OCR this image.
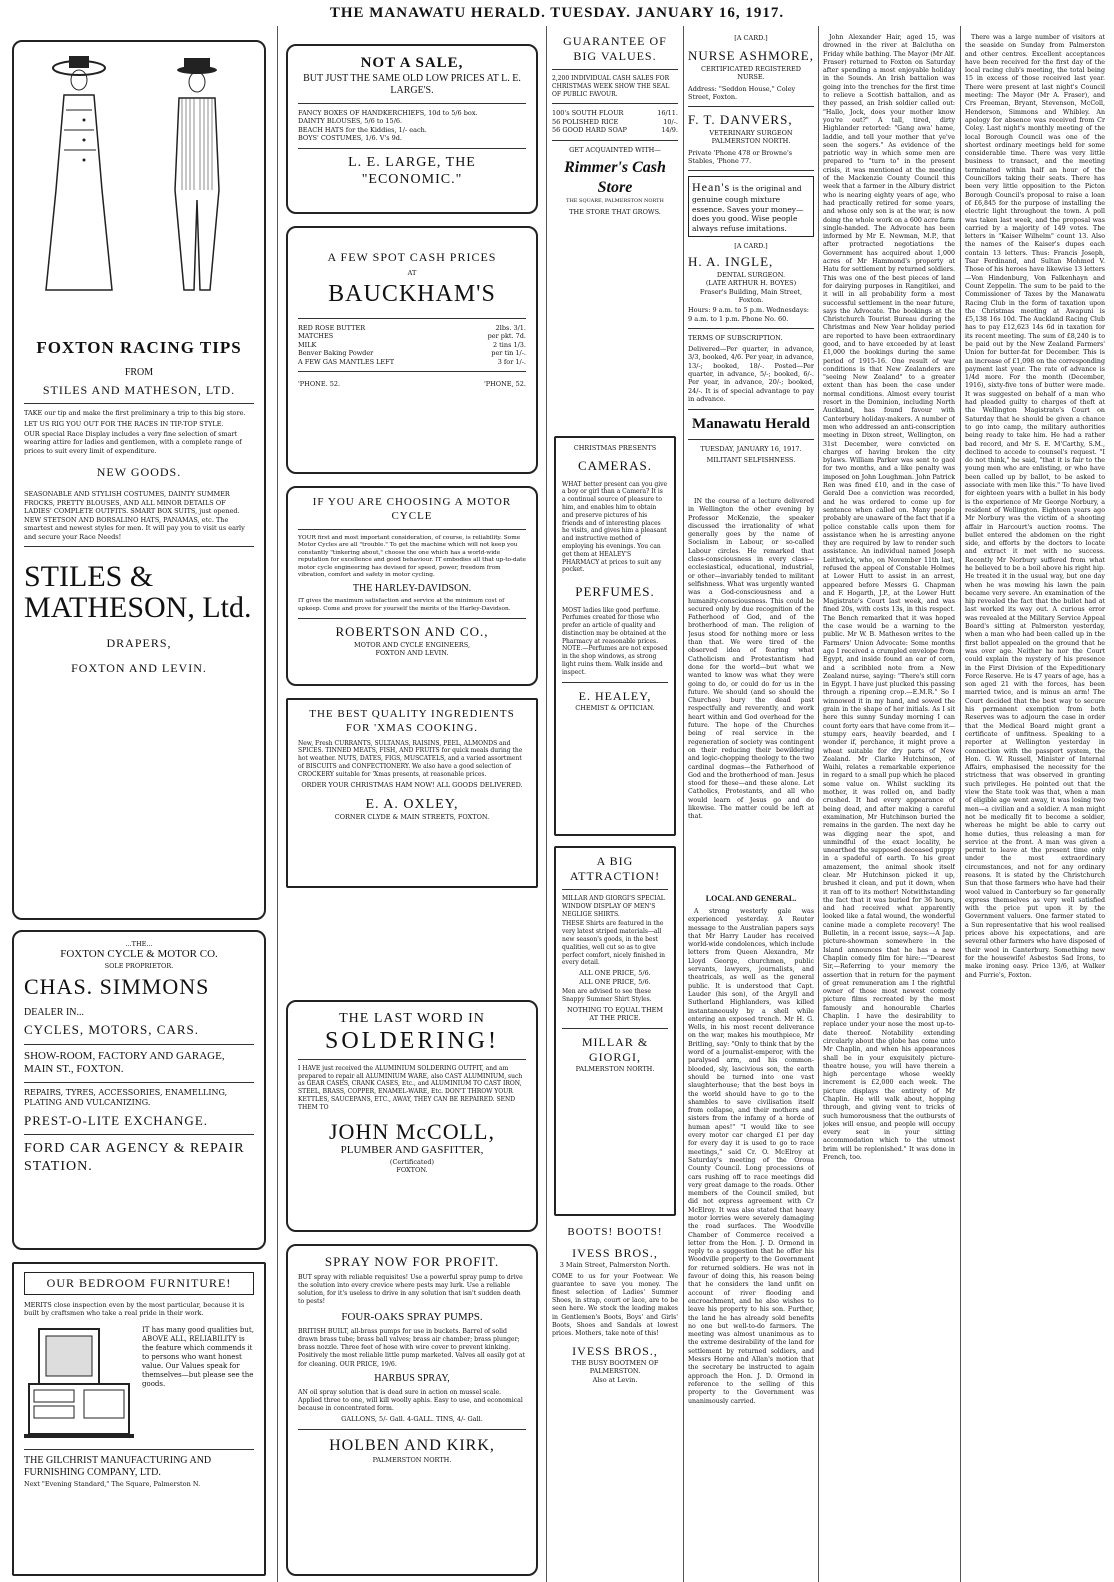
THE MANAWATU HERALD. TUESDAY. JANUARY 16, 1917.
FOXTON RACING TIPS
FROM
STILES AND MATHESON, LTD.

TAKE our tip and make the first preliminary a trip to this big store.

LET US RIG YOU OUT FOR THE RACES IN TIP-TOP STYLE.

OUR special Race Display includes a very fine selection of smart wearing attire for ladies and gentlemen, with a complete range of prices to suit every limit of expenditure.

NEW GOODS.

SEASONABLE AND STYLISH COSTUMES, DAINTY SUMMER FROCKS, PRETTY BLOUSES, AND ALL MINOR DETAILS OF LADIES' COMPLETE OUTFITS. SMART BOX SUITS, just opened. NEW STETSON AND BORSALINO HATS, PANAMAS, etc. The smartest and newest styles for men. It will pay you to visit us early and secure your Race Needs!

STILES & MATHESON, Ltd.
DRAPERS,
FOXTON AND LEVIN.
...THE...
FOXTON CYCLE & MOTOR CO.
SOLE PROPRIETOR.
CHAS. SIMMONS
DEALER IN...
CYCLES, MOTORS, CARS.
SHOW-ROOM, FACTORY AND GARAGE, MAIN ST., FOXTON.
REPAIRS, TYRES, ACCESSORIES, ENAMELLING, PLATING AND VULCANIZING.
PREST-O-LITE EXCHANGE.
FORD CAR AGENCY & REPAIR STATION.
OUR BEDROOM FURNITURE!

MERITS close inspection even by the most particular, because it is built by craftsmen who take a real pride in their work.

IT has many good qualities but, ABOVE ALL, RELIABILITY is the feature which commends it to persons who want honest value. Our Values speak for themselves—but please see the goods.

THE GILCHRIST MANUFACTURING AND FURNISHING COMPANY, LTD.
Next "Evening Standard," The Square, Palmerston N.
NOT A SALE,
BUT JUST THE SAME OLD LOW PRICES AT L. E. LARGE'S.
FANCY BOXES OF HANDKERCHIEFS, 10d to 5/6 box.
DAINTY BLOUSES, 5/6 to 15/6.
BEACH HATS for the Kiddies, 1/- each.
BOYS' COSTUMES, 1/6. V's 9d.
L. E. LARGE, THE "ECONOMIC."
A FEW SPOT CASH PRICES
AT
BAUCKHAM'S
RED ROSE BUTTER	2lbs. 3/1.
MATCHES	per pkt. 7d.
MILK	2 tins 1/3.
Benver Baking Powder	per tin 1/-.
A FEW GAS MANTLES LEFT	3 for 1/-.
'PHONE. 52.	'PHONE, 52.
IF YOU ARE CHOOSING A MOTOR CYCLE

YOUR first and most important consideration, of course, is reliability. Some Motor Cycles are all "trouble." To get the machine which will not keep you constantly "tinkering about," choose the one which has a world-wide reputation for excellence and good behaviour. IT embodies all that up-to-date motor cycle engineering has devised for speed, power, freedom from vibration, comfort and safety in motor cycling.

THE HARLEY-DAVIDSON.

IT gives the maximum satisfaction and service at the minimum cost of upkeep. Come and prove for yourself the merits of the Harley-Davidson.

ROBERTSON AND CO.,
MOTOR AND CYCLE ENGINEERS,
FOXTON AND LEVIN.
THE BEST QUALITY INGREDIENTS FOR 'XMAS COOKING.

New, Fresh CURRANTS, SULTANAS, RAISINS, PEEL, ALMONDS and SPICES. TINNED MEATS, FISH, AND FRUITS for quick meals during the hot weather. NUTS, DATES, FIGS, MUSCATELS, and a varied assortment of BISCUITS and CONFECTIONERY. We also have a good selection of CROCKERY suitable for 'Xmas presents, at reasonable prices.

ORDER YOUR CHRISTMAS HAM NOW! ALL GOODS DELIVERED.
E. A. OXLEY,
CORNER CLYDE & MAIN STREETS, FOXTON.
THE LAST WORD IN
SOLDERING!

I HAVE just received the ALUMINIUM SOLDERING OUTFIT, and am prepared to repair all ALUMINIUM WARE, also CAST ALUMINIUM, such as GEAR CASES, CRANK CASES, Etc., and ALUMINIUM TO CAST IRON, STEEL, BRASS, COPPER, ENAMEL-WARE, Etc. DON'T THROW YOUR KETTLES, SAUCEPANS, ETC., AWAY, THEY CAN BE REPAIRED. SEND THEM TO

JOHN McCOLL,
PLUMBER AND GASFITTER,
(Certificated)
FOXTON.
SPRAY NOW FOR PROFIT.

BUT spray with reliable requisites! Use a powerful spray pump to drive the solution into every crevice where pests may lurk. Use a reliable solution, for it's useless to drive in any solution that isn't sudden death to pests!

FOUR-OAKS SPRAY PUMPS.

BRITISH BUILT, all-brass pumps for use in buckets. Barrel of solid drawn brass tube; brass ball valves; brass air chamber; brass plunger; brass nozzle. Three feet of hose with wire cover to prevent kinking. Positively the most reliable little pump marketed. Valves all easily got at for cleaning. OUR PRICE, 19/6.

HARBUS SPRAY,

AN oil spray solution that is dead sure in action on mussel scale. Applied three to one, will kill woolly aphis. Easy to use, and economical because in concentrated form.

GALLONS, 5/- Gall. 4-GALL. TINS, 4/- Gall.
HOLBEN AND KIRK,
PALMERSTON NORTH.
GUARANTEE OF BIG VALUES.

2,200 INDIVIDUAL CASH SALES FOR CHRISTMAS WEEK SHOW THE SEAL OF PUBLIC FAVOUR.

100's SOUTH FLOUR	16/11.
56 POLISHED RICE	10/-.
56 GOOD HARD SOAP	14/9.
GET ACQUAINTED WITH—
Rimmer's Cash Store
THE SQUARE, PALMERSTON NORTH
THE STORE THAT GROWS.
CHRISTMAS PRESENTS
CAMERAS.

WHAT better present can you give a boy or girl than a Camera? It is a continual source of pleasure to him, and enables him to obtain and preserve pictures of his friends and of interesting places he visits, and gives him a pleasant and instructive method of employing his evenings. You can get them at HEALEY'S PHARMACY at prices to suit any pocket.

PERFUMES.

MOST ladies like good perfume. Perfumes created for those who prefer an article of quality and distinction may be obtained at the Pharmacy at reasonable prices. NOTE.—Perfumes are not exposed in the shop windows, as strong light ruins them. Walk inside and inspect.

E. HEALEY,
CHEMIST & OPTICIAN.
A BIG ATTRACTION!

MILLAR AND GIORGI'S SPECIAL WINDOW DISPLAY OF MEN'S NEGLIGE SHIRTS.

THESE Shirts are featured in the very latest striped materials—all new season's goods, in the best qualities, well cut so as to give perfect comfort, nicely finished in every detail.

ALL ONE PRICE, 5/6.
ALL ONE PRICE, 5/6.

Men are advised to see these Snappy Summer Shirt Styles.

NOTHING TO EQUAL THEM AT THE PRICE.
MILLAR & GIORGI,
PALMERSTON NORTH.
BOOTS! BOOTS!
IVESS BROS.,
3 Main Street, Palmerston North.

COME to us for your Footwear. We guarantee to save you money. The finest selection of Ladies' Summer Shoes, in strap, court or lace, are to be seen here. We stock the leading makes in Gentlemen's Boots, Boys' and Girls' Boots, Shoes and Sandals at lowest prices. Mothers, take note of this!

IVESS BROS.,
THE BUSY BOOTMEN OF PALMERSTON.
Also at Levin.
[A CARD.]
NURSE ASHMORE,
CERTIFICATED REGISTERED NURSE.
Address: "Seddon House," Coley Street, Foxton.
F. T. DANVERS,
VETERINARY SURGEON
PALMERSTON NORTH.
Private 'Phone 478 or Browne's Stables, 'Phone 77.
Hean's is the original and genuine cough mixture essence. Saves your money—does you good. Wise people always refuse imitations.
[A CARD.]
H. A. INGLE,
DENTAL SURGEON.
(LATE ARTHUR H. BOYES)
Fraser's Building, Main Street, Foxton.
Hours: 9 a.m. to 5 p.m. Wednesdays: 9 a.m. to 1 p.m. Phone No. 60.
TERMS OF SUBSCRIPTION.

Delivered—Per quarter, in advance, 3/3, booked, 4/6. Per year, in advance, 13/-; booked, 18/-. Posted—Per quarter, in advance, 5/-; booked, 6/-. Per year, in advance, 20/-; booked, 24/-. It is of special advantage to pay in advance.

Manawatu Herald
TUESDAY, JANUARY 16, 1917.
MILITANT SELFISHNESS.

IN the course of a lecture delivered in Wellington the other evening by Professor McKenzie, the speaker discussed the irrationality of what generally goes by the name of Socialism in Labour, or so-called Labour circles. He remarked that class-consciousness in every class—ecclesiastical, educational, industrial, or other—invariably tended to militant selfishness. What was urgently wanted was a God-consciousness and a humanity-consciousness. This could be secured only by due recognition of the Fatherhood of God, and of the brotherhood of man. The religion of Jesus stood for nothing more or less than that. We were tired of the observed idea of fearing what Catholicism and Protestantism had done for the world—but what we wanted to know was what they were going to do, or could do for us in the future. We should (and so should the Churches) bury the dead past respectfully and reverently, and work heart within and God overhead for the future. The hope of the Churches being of real service in the regeneration of society was contingent on their reducing their bewildering and logic-chopping theology to the two cardinal dogmas—the Fatherhood of God and the brotherhood of man. Jesus stood for these—and these alone. Let Catholics, Protestants, and all who would learn of Jesus go and do likewise. The matter could be left at that.

LOCAL AND GENERAL.

A strong westerly gale was experienced yesterday. A Reuter message to the Australian papers says that Mr Harry Lauder has received world-wide condolences, which include letters from Queen Alexandra, Mr Lloyd George, churchmen, public servants, lawyers, journalists, and theatricals, as well as the general public. It is understood that Capt. Lauder (his son), of the Argyll and Sutherland Highlanders, was killed instantaneously by a shell while entering an exposed trench. Mr H. G. Wells, in his most recent deliverance on the war, makes his mouthpiece, Mr Britling, say: "Only to think that by the word of a journalist-emperor, with the paralysed arm, and his common-blooded, sly, lascivious son, the earth should be turned into one vast slaughterhouse; that the best boys in the world should have to go to the shambles to save civilisation itself from collapse, and their mothers and sisters from the infamy of a horde of human apes!" "I would like to see every motor car charged £1 per day for every day it is used to go to race meetings," said Cr. O. McElroy at Saturday's meeting of the Oroua County Council. Long processions of cars rushing off to race meetings did very great damage to the roads. Other members of the Council smiled, but did not express agreement with Cr McElroy. It was also stated that heavy motor lorries were severely damaging the road surfaces. The Woodville Chamber of Commerce received a letter from the Hon. J. D. Ormond in reply to a suggestion that he offer his Woodville property to the Government for returned soldiers. He was not in favour of doing this, his reason being that he considers the land unfit on account of river flooding and encroachment, and he also wishes to leave his property to his son. Further, the land he has already sold benefits no one but well-to-do farmers. The meeting was almost unanimous as to the extreme desirability of the land for settlement by returned soldiers, and Messrs Horne and Allan's motion that the secretary be instructed to again approach the Hon. J. D. Ormond in reference to the selling of this property to the Government was unanimously carried.

John Alexander Hair, aged 15, was drowned in the river at Balclutha on Friday while bathing. The Mayor (Mr Alf. Fraser) returned to Foxton on Saturday after spending a most enjoyable holiday in the Sounds. An Irish battalion was going into the trenches for the first time to relieve a Scottish battalion, and as they passed, an Irish soldier called out: "Hallo, Jock, does your mother know you're out?" A tall, tired, dirty Highlander retorted: "Gang awa' hame, laddie, and tell your mother that ye've seen the sogers." As evidence of the patriotic way in which some men are prepared to "turn to" in the present crisis, it was mentioned at the meeting of the Mackenzie County Council this week that a farmer in the Albury district who is nearing eighty years of age, who had practically retired for some years, and whose only son is at the war, is now doing the whole work on a 600 acre farm single-handed. The Advocate has been informed by Mr E. Newman, M.P., that after protracted negotiations the Government has acquired about 1,000 acres of Mr Hammond's property at Hatu for settlement by returned soldiers. This was one of the best pieces of land for dairying purposes in Rangitikei, and it will in all probability form a most successful settlement in the near future, says the Advocate. The bookings at the Christchurch Tourist Bureau during the Christmas and New Year holiday period are reported to have been extraordinary good, and to have exceeded by at least £1,000 the bookings during the same period of 1915-16. One result of war conditions is that New Zealanders are "seeing New Zealand" to a greater extent than has been the case under normal conditions. Almost every tourist resort in the Dominion, including North Auckland, has found favour with Canterbury holiday-makers. A number of men who addressed an anti-conscription meeting in Dixon street, Wellington, on 31st December, were convicted on charges of having broken the city bylaws. William Parker was sent to gaol for two months, and a like penalty was imposed on John Loughman. John Patrick Ren was fined £10, and in the case of Gerald Dee a conviction was recorded, and he was ordered to come up for sentence when called on. Many people probably are unaware of the fact that if a police constable calls upon them for assistance when he is arresting anyone they are required by law to render such assistance. An individual named Joseph Leithwick, who, on November 11th last, refused the appeal of Constable Holmes at Lower Hutt to assist in an arrest, appeared before Messrs G. Chapman and F. Hogarth, J.P., at the Lower Hutt Magistrate's Court last week, and was fined 20s, with costs 13s, in this respect. The Bench remarked that it was hoped the case would be a warning to the public. Mr W. B. Matheson writes to the Farmers' Union Advocate: Some months ago I received a crumpled envelope from Egypt, and inside found an ear of corn, and a scribbled note from a New Zealand nurse, saying: "There's still corn in Egypt. I have just plucked this passing through a ripening crop.—E.M.R." So I winnowed it in my hand, and sowed the grain in the shape of her initials. As I sit here this sunny Sunday morning I can count forty ears that have come from it—stumpy ears, heavily bearded, and I wonder if, perchance, it might prove a wheat suitable for dry parts of New Zealand. Mr Clarke Hutchinson, of Waihi, relates a remarkable experience in regard to a small pup which he placed some value on. Whilst suckling its mother, it was rolled on, and badly crushed. It had every appearance of being dead, and after making a careful examination, Mr Hutchinson buried the remains in the garden. The next day he was digging near the spot, and unmindful of the exact locality, he unearthed the supposed deceased puppy in a spadeful of earth. To his great amazement, the animal shook itself clear. Mr Hutchinson picked it up, brushed it clean, and put it down, when it ran off to its mother! Notwithstanding the fact that it was buried for 36 hours, and had received what apparently looked like a fatal wound, the wonderful canine made a complete recovery! The Bulletin, in a recent issue, says:—A Jap. picture-showman somewhere in the Island announces that he has a new Chaplin comedy film for hire:—"Dearest Sir,—Referring to your memory the assertion that in return for the payment of great remuneration am I the rightful owner of those most newest comedy picture films recreated by the most famously and honourable Charles Chaplin. I have the desirability to replace under your nose the most up-to-date thereof. Notability extending circularly about the globe has come unto Mr Chaplin, and when his appearances shall be in your exquisitely picture-theatre house, you will have therein a high percentage whose weekly increment is £2,000 each week. The picture displays the entirety of Mr Chaplin. He will walk about, hopping through, and giving vent to tricks of such humorousness that the outbursts of jokes will ensue, and people will occupy every seat in your sitting accommodation which to the utmost brim will be replenished." It was done in French, too.

There was a large number of visitors at the seaside on Sunday from Palmerston and other centres. Excellent acceptances have been received for the first day of the local racing club's meeting, the total being 15 in excess of those received last year. There were present at last night's Council meeting: The Mayor (Mr A. Fraser), and Crs Freeman, Bryant, Stevenson, McColl, Henderson, Simmons and Whibley. An apology for absence was received from Cr Coley. Last night's monthly meeting of the local Borough Council was one of the shortest ordinary meetings held for some considerable time. There was very little business to transact, and the meeting terminated within half an hour of the Councillors taking their seats. There has been very little opposition to the Picton Borough Council's proposal to raise a loan of £6,845 for the purpose of installing the electric light throughout the town. A poll was taken last week, and the proposal was carried by a majority of 149 votes. The letters in "Kaiser Wilhelm" count 13. Also the names of the Kaiser's dupes each contain 13 letters. Thus: Francis Joseph, Tsar Ferdinand, and Sultan Mohmed V. Those of his heroes have likewise 13 letters—Von Hindenburg, Von Falkenhayn and Count Zeppelin. The sum to be paid to the Commissioner of Taxes by the Manawatu Racing Club in the form of taxation upon the Christmas meeting at Awapuni is £5,138 16s 10d. The Auckland Racing Club has to pay £12,623 14s 6d in taxation for its recent meeting. The sum of £8,240 is to be paid out by the New Zealand Farmers' Union for butter-fat for December. This is an increase of £1,098 on the corresponding payment last year. The rate of advance is 1/4d more. For the month (December, 1916), sixty-five tons of butter were made. It was suggested on behalf of a man who had pleaded guilty to charges of theft at the Wellington Magistrate's Court on Saturday that he should be given a chance to go into camp, the military authorities being ready to take him. He had a rather bad record, and Mr S. E. M'Carthy, S.M., declined to accede to counsel's request. "I do not think," he said, "that it is fair to the young men who are enlisting, or who have been called up by ballot, to be asked to associate with men like this." To have lived for eighteen years with a bullet in his body is the experience of Mr George Norbury, a resident of Wellington. Eighteen years ago Mr Norbury was the victim of a shooting affair in Harcourt's auction rooms. The bullet entered the abdomen on the right side, and efforts by the doctors to locate and extract it met with no success. Recently Mr Norbury suffered from what he believed to be a boil above his right hip. He treated it in the usual way, but one day when he was mowing his lawn the pain became very severe. An examination of the hip revealed the fact that the bullet had at last worked its way out. A curious error was revealed at the Military Service Appeal Board's sitting at Palmerston yesterday, when a man who had been called up in the first ballot appealed on the ground that he was over age. Neither he nor the Court could explain the mystery of his presence in the First Division of the Expeditionary Force Reserve. He is 47 years of age, has a son aged 21 with the forces, has been married twice, and is minus an arm! The Court decided that the best way to secure his permanent exemption from both Reserves was to adjourn the case in order that the Medical Board might grant a certificate of unfitness. Speaking to a reporter at Wellington yesterday in connection with the passport system, the Hon. G. W. Russell, Minister of Internal Affairs, emphasised the necessity for the strictness that was observed in granting such privileges. He pointed out that the view the State took was that, when a man of eligible age went away, it was losing two men—a civilian and a soldier. A man might not be medically fit to become a soldier, whereas he might be able to carry out home duties, thus releasing a man for service at the front. A man was given a permit to leave at the present time only under the most extraordinary circumstances, and not for any ordinary reasons. It is stated by the Christchurch Sun that those farmers who have had their wool valued in Canterbury so far generally express themselves as very well satisfied with the price put upon it by the Government valuers. One farmer stated to a Sun representative that his wool realised prices above his expectations, and are several other farmers who have disposed of their wool in Canterbury. Something new for the housewife! Asbestos Sad Irons, to make ironing easy. Price 13/6, at Walker and Furrie's, Foxton.
